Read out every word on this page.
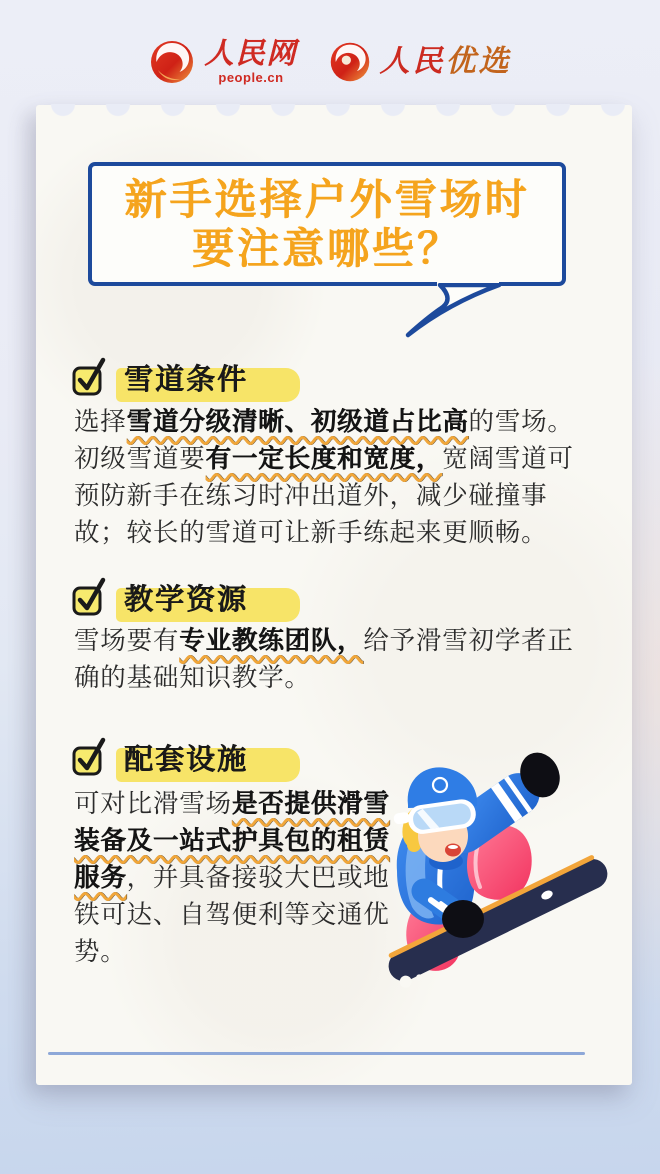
人民网
people.cn	人民 优选
新手选择户外雪场时
要注意哪些？
雪道条件

选择雪道分级清晰、初级道占比高的雪场。初级雪道要有一定长度和宽度，宽阔雪道可预防新手在练习时冲出道外，减少碰撞事故；较长的雪道可让新手练起来更顺畅。

教学资源

雪场要有专业教练团队，给予滑雪初学者正确的基础知识教学。

配套设施

可对比滑雪场是否提供滑雪装备及一站式护具包的租赁服务，并具备接驳大巴或地铁可达、自驾便利等交通优势。
